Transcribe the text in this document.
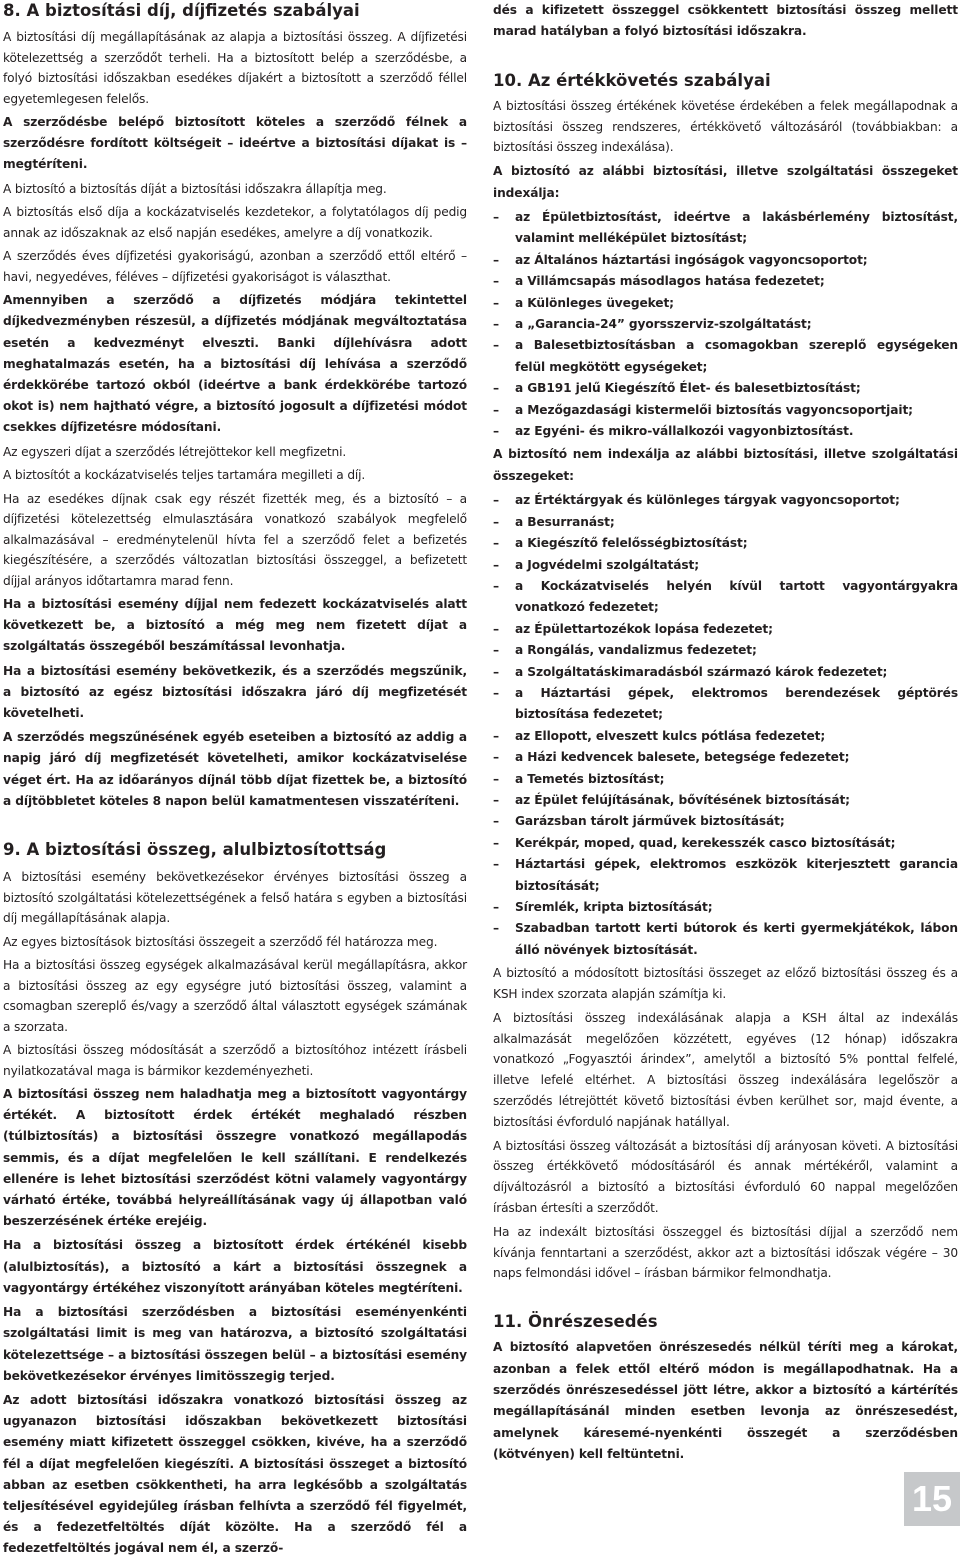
8. A biztosítási díj, díjfizetés szabályai

A biztosítási díj megállapításának az alapja a biztosítási összeg. A díjfizetési kötelezettség a szerződőt terheli. Ha a biztosított belép a szerződésbe, a folyó biztosítási időszakban esedékes díjakért a biztosított a szerződő féllel egyetemlegesen felelős.

A szerződésbe belépő biztosított köteles a szerződő félnek a szerződésre fordított költségeit – ideértve a biztosítási díjakat is – megtéríteni.

A biztosító a biztosítás díját a biztosítási időszakra állapítja meg.

A biztosítás első díja a kockázatviselés kezdetekor, a folytatólagos díj pedig annak az időszaknak az első napján esedékes, amelyre a díj vonatkozik.

A szerződés éves díjfizetési gyakoriságú, azonban a szerződő ettől eltérő – havi, negyedéves, féléves – díjfizetési gyakoriságot is választhat.

Amennyiben a szerződő a díjfizetés módjára tekintettel díjkedvezményben részesül, a díjfizetés módjának megváltoztatása esetén a kedvezményt elveszti. Banki díjlehívásra adott meghatalmazás esetén, ha a biztosítási díj lehívása a szerződő érdekkörébe tartozó okból (ideértve a bank érdekkörébe tartozó okot is) nem hajtható végre, a biztosító jogosult a díjfizetési módot csekkes díjfizetésre módosítani.

Az egyszeri díjat a szerződés létrejöttekor kell megfizetni.

A biztosítót a kockázatviselés teljes tartamára megilleti a díj.

Ha az esedékes díjnak csak egy részét fizették meg, és a biztosító – a díjfizetési kötelezettség elmulasztására vonatkozó szabályok megfelelő alkalmazásával – eredménytelenül hívta fel a szerződő felet a befizetés kiegészítésére, a szerződés változatlan biztosítási összeggel, a befizetett díjjal arányos időtartamra marad fenn.

Ha a biztosítási esemény díjjal nem fedezett kockázatviselés alatt következett be, a biztosító a még meg nem fizetett díjat a szolgáltatás összegéből beszámítással levonhatja.

Ha a biztosítási esemény bekövetkezik, és a szerződés megszűnik, a biztosító az egész biztosítási időszakra járó díj megfizetését követelheti.

A szerződés megszűnésének egyéb eseteiben a biztosító az addig a napig járó díj megfizetését követelheti, amikor kockázatviselése véget ért. Ha az időarányos díjnál több díjat fizettek be, a biztosító a díjtöbbletet köteles 8 napon belül kamatmentesen visszatéríteni.

9. A biztosítási összeg, alulbiztosítottság

A biztosítási esemény bekövetkezésekor érvényes biztosítási összeg a biztosító szolgáltatási kötelezettségének a felső határa s egyben a biztosítási díj megállapításának alapja.

Az egyes biztosítások biztosítási összegeit a szerződő fél határozza meg.

Ha a biztosítási összeg egységek alkalmazásával kerül megállapításra, akkor a biztosítási összeg az egy egységre jutó biztosítási összeg, valamint a csomagban szereplő és/vagy a szerződő által választott egységek számának a szorzata.

A biztosítási összeg módosítását a szerződő a biztosítóhoz intézett írásbeli nyilatkozatával maga is bármikor kezdeményezheti.

A biztosítási összeg nem haladhatja meg a biztosított vagyontárgy értékét. A biztosított érdek értékét meghaladó részben (túlbiztosítás) a biztosítási összegre vonatkozó megállapodás semmis, és a díjat megfelelően le kell szállítani. E rendelkezés ellenére is lehet biztosítási szerződést kötni valamely vagyontárgy várható értéke, továbbá helyreállításának vagy új állapotban való beszerzésének értéke erejéig.

Ha a biztosítási összeg a biztosított érdek értékénél kisebb (alulbiztosítás), a biztosító a kárt a biztosítási összegnek a vagyontárgy értékéhez viszonyított arányában köteles megtéríteni.

Ha a biztosítási szerződésben a biztosítási eseményenkénti szolgáltatási limit is meg van határozva, a biztosító szolgáltatási kötelezettsége – a biztosítási összegen belül – a biztosítási esemény bekövetkezésekor érvényes limitösszegig terjed.

Az adott biztosítási időszakra vonatkozó biztosítási összeg az ugyanazon biztosítási időszakban bekövetkezett biztosítási esemény miatt kifizetett összeggel csökken, kivéve, ha a szerződő fél a díjat megfelelően kiegészíti. A biztosítási összeget a biztosító abban az esetben csökkentheti, ha arra legkésőbb a szolgáltatás teljesítésével egyidejűleg írásban felhívta a szerződő fél figyelmét, és a fedezetfeltöltés díját közölte. Ha a szerződő fél a fedezetfeltöltés jogával nem él, a szerző-

dés a kifizetett összeggel csökkentett biztosítási összeg mellett marad hatályban a folyó biztosítási időszakra.

10. Az értékkövetés szabályai

A biztosítási összeg értékének követése érdekében a felek megállapodnak a biztosítási összeg rendszeres, értékkövető változásáról (továbbiakban: a biztosítási összeg indexálása).

A biztosító az alábbi biztosítási, illetve szolgáltatási összegeket indexálja:

– az Épületbiztosítást, ideértve a lakásbérlemény biztosítást, valamint melléképület biztosítást;
– az Általános háztartási ingóságok vagyoncsoportot;
– a Villámcsapás másodlagos hatása fedezetet;
– a Különleges üvegeket;
– a „Garancia-24” gyorsszerviz-szolgáltatást;
– a Balesetbiztosításban a csomagokban szereplő egységeken felül megkötött egységeket;
– a GB191 jelű Kiegészítő Élet- és balesetbiztosítást;
– a Mezőgazdasági kistermelői biztosítás vagyoncsoportjait;
– az Egyéni- és mikro-vállalkozói vagyonbiztosítást.

A biztosító nem indexálja az alábbi biztosítási, illetve szolgáltatási összegeket:

– az Értéktárgyak és különleges tárgyak vagyoncsoportot;
– a Besurranást;
– a Kiegészítő felelősségbiztosítást;
– a Jogvédelmi szolgáltatást;
– a Kockázatviselés helyén kívül tartott vagyontárgyakra vonatkozó fedezetet;
– az Épülettartozékok lopása fedezetet;
– a Rongálás, vandalizmus fedezetet;
– a Szolgáltatáskimaradásból származó károk fedezetet;
– a Háztartási gépek, elektromos berendezések géptörés biztosítása fedezetet;
– az Ellopott, elveszett kulcs pótlása fedezetet;
– a Házi kedvencek balesete, betegsége fedezetet;
– a Temetés biztosítást;
– az Épület felújításának, bővítésének biztosítását;
– Garázsban tárolt járművek biztosítását;
– Kerékpár, moped, quad, kerekesszék casco biztosítását;
– Háztartási gépek, elektromos eszközök kiterjesztett garancia biztosítását;
– Síremlék, kripta biztosítását;
– Szabadban tartott kerti bútorok és kerti gyermekjátékok, lábon álló növények biztosítását.

A biztosító a módosított biztosítási összeget az előző biztosítási összeg és a KSH index szorzata alapján számítja ki.

A biztosítási összeg indexálásának alapja a KSH által az indexálás alkalmazását megelőzően közzétett, egyéves (12 hónap) időszakra vonatkozó „Fogyasztói árindex”, amelytől a biztosító 5% ponttal felfelé, illetve lefelé eltérhet. A biztosítási összeg indexálására legelőször a szerződés létrejöttét követő biztosítási évben kerülhet sor, majd évente, a biztosítási évforduló napjának hatállyal.

A biztosítási összeg változását a biztosítási díj arányosan követi. A biztosítási összeg értékkövető módosításáról és annak mértékéről, valamint a díjváltozásról a biztosító a biztosítási évforduló 60 nappal megelőzően írásban értesíti a szerződőt.

Ha az indexált biztosítási összeggel és biztosítási díjjal a szerződő nem kívánja fenntartani a szerződést, akkor azt a biztosítási időszak végére – 30 naps felmondási idővel – írásban bármikor felmondhatja.

11. Önrészesedés

A biztosító alapvetően önrészesedés nélkül téríti meg a károkat, azonban a felek ettől eltérő módon is megállapodhatnak. Ha a szerződés önrészesedéssel jött létre, akkor a biztosító a kártérítés megállapításánál minden esetben levonja az önrészesedést, amelynek káresemé-nyenkénti összegét a szerződésben (kötvényen) kell feltüntetni.

15
